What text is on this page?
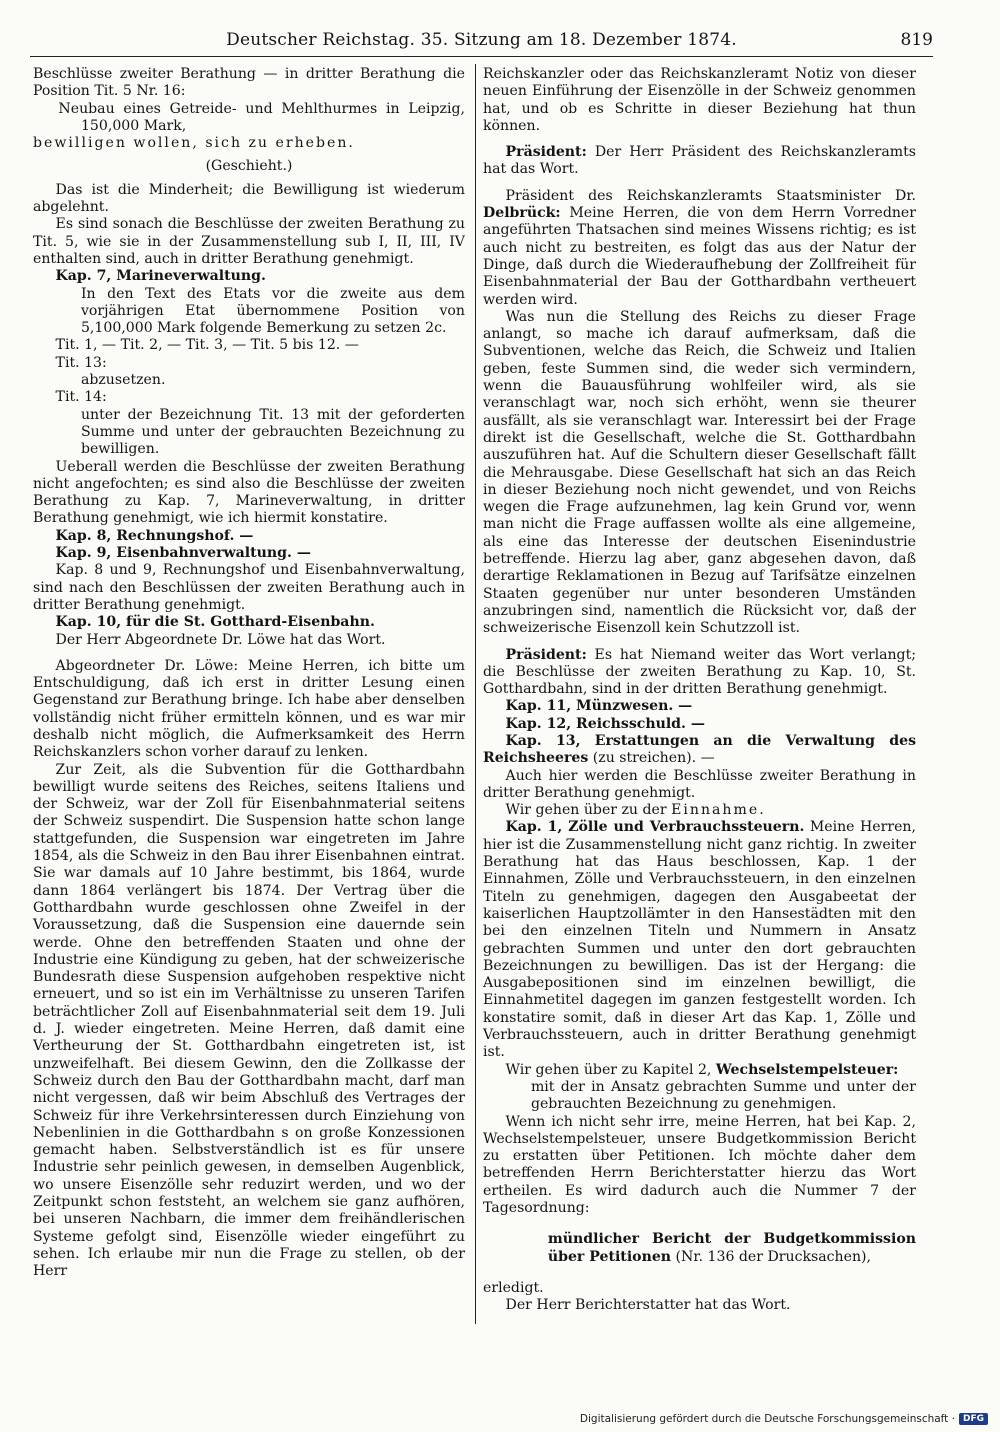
Deutscher Reichstag. 35. Sitzung am 18. Dezember 1874.	819

Beschlüsse zweiter Berathung — in dritter Berathung die Position Tit. 5 Nr. 16:

Neubau eines Getreide- und Mehlthurmes in Leipzig, 150,000 Mark,

bewilligen wollen, sich zu erheben.

(Geschieht.)

Das ist die Minderheit; die Bewilligung ist wiederum abgelehnt.

Es sind sonach die Beschlüsse der zweiten Berathung zu Tit. 5, wie sie in der Zusammenstellung sub I, II, III, IV enthalten sind, auch in dritter Berathung genehmigt.

Kap. 7, Marineverwaltung.

In den Text des Etats vor die zweite aus dem vorjährigen Etat übernommene Position von 5,100,000 Mark folgende Bemerkung zu setzen 2c.

Tit. 1, — Tit. 2, — Tit. 3, — Tit. 5 bis 12. —

Tit. 13:

abzusetzen.

Tit. 14:

unter der Bezeichnung Tit. 13 mit der geforderten Summe und unter der gebrauchten Bezeichnung zu bewilligen.

Ueberall werden die Beschlüsse der zweiten Berathung nicht angefochten; es sind also die Beschlüsse der zweiten Berathung zu Kap. 7, Marineverwaltung, in dritter Berathung genehmigt, wie ich hiermit konstatire.

Kap. 8, Rechnungshof. —

Kap. 9, Eisenbahnverwaltung. —

Kap. 8 und 9, Rechnungshof und Eisenbahnverwaltung, sind nach den Beschlüssen der zweiten Berathung auch in dritter Berathung genehmigt.

Kap. 10, für die St. Gotthard-Eisenbahn.

Der Herr Abgeordnete Dr. Löwe hat das Wort.

Abgeordneter Dr. Löwe: Meine Herren, ich bitte um Entschuldigung, daß ich erst in dritter Lesung einen Gegenstand zur Berathung bringe. Ich habe aber denselben vollständig nicht früher ermitteln können, und es war mir deshalb nicht möglich, die Aufmerksamkeit des Herrn Reichskanzlers schon vorher darauf zu lenken.

Zur Zeit, als die Subvention für die Gotthardbahn bewilligt wurde seitens des Reiches, seitens Italiens und der Schweiz, war der Zoll für Eisenbahnmaterial seitens der Schweiz suspendirt. Die Suspension hatte schon lange stattgefunden, die Suspension war eingetreten im Jahre 1854, als die Schweiz in den Bau ihrer Eisenbahnen eintrat. Sie war damals auf 10 Jahre bestimmt, bis 1864, wurde dann 1864 verlängert bis 1874. Der Vertrag über die Gotthardbahn wurde geschlossen ohne Zweifel in der Voraussetzung, daß die Suspension eine dauernde sein werde. Ohne den betreffenden Staaten und ohne der Industrie eine Kündigung zu geben, hat der schweizerische Bundesrath diese Suspension aufgehoben respektive nicht erneuert, und so ist ein im Verhältnisse zu unseren Tarifen beträchtlicher Zoll auf Eisenbahnmaterial seit dem 19. Juli d. J. wieder eingetreten. Meine Herren, daß damit eine Vertheurung der St. Gotthardbahn eingetreten ist, ist unzweifelhaft. Bei diesem Gewinn, den die Zollkasse der Schweiz durch den Bau der Gotthardbahn macht, darf man nicht vergessen, daß wir beim Abschluß des Vertrages der Schweiz für ihre Verkehrsinteressen durch Einziehung von Nebenlinien in die Gotthardbahn s on große Konzessionen gemacht haben. Selbstverständlich ist es für unsere Industrie sehr peinlich gewesen, in demselben Augenblick, wo unsere Eisenzölle sehr reduzirt werden, und wo der Zeitpunkt schon feststeht, an welchem sie ganz aufhören, bei unseren Nachbarn, die immer dem freihändlerischen Systeme gefolgt sind, Eisenzölle wieder eingeführt zu sehen. Ich erlaube mir nun die Frage zu stellen, ob der Herr

Reichskanzler oder das Reichskanzleramt Notiz von dieser neuen Einführung der Eisenzölle in der Schweiz genommen hat, und ob es Schritte in dieser Beziehung hat thun können.

Präsident: Der Herr Präsident des Reichskanzleramts hat das Wort.

Präsident des Reichskanzleramts Staatsminister Dr. Delbrück: Meine Herren, die von dem Herrn Vorredner angeführten Thatsachen sind meines Wissens richtig; es ist auch nicht zu bestreiten, es folgt das aus der Natur der Dinge, daß durch die Wiederaufhebung der Zollfreiheit für Eisenbahnmaterial der Bau der Gotthardbahn vertheuert werden wird.

Was nun die Stellung des Reichs zu dieser Frage anlangt, so mache ich darauf aufmerksam, daß die Subventionen, welche das Reich, die Schweiz und Italien geben, feste Summen sind, die weder sich vermindern, wenn die Bauausführung wohlfeiler wird, als sie veranschlagt war, noch sich erhöht, wenn sie theurer ausfällt, als sie veranschlagt war. Interessirt bei der Frage direkt ist die Gesellschaft, welche die St. Gotthardbahn auszuführen hat. Auf die Schultern dieser Gesellschaft fällt die Mehrausgabe. Diese Gesellschaft hat sich an das Reich in dieser Beziehung noch nicht gewendet, und von Reichs wegen die Frage aufzunehmen, lag kein Grund vor, wenn man nicht die Frage auffassen wollte als eine allgemeine, als eine das Interesse der deutschen Eisenindustrie betreffende. Hierzu lag aber, ganz abgesehen davon, daß derartige Reklamationen in Bezug auf Tarifsätze einzelnen Staaten gegenüber nur unter besonderen Umständen anzubringen sind, namentlich die Rücksicht vor, daß der schweizerische Eisenzoll kein Schutzzoll ist.

Präsident: Es hat Niemand weiter das Wort verlangt; die Beschlüsse der zweiten Berathung zu Kap. 10, St. Gotthardbahn, sind in der dritten Berathung genehmigt.

Kap. 11, Münzwesen. —

Kap. 12, Reichsschuld. —

Kap. 13, Erstattungen an die Verwaltung des Reichsheeres (zu streichen). —

Auch hier werden die Beschlüsse zweiter Berathung in dritter Berathung genehmigt.

Wir gehen über zu der Einnahme.

Kap. 1, Zölle und Verbrauchssteuern. Meine Herren, hier ist die Zusammenstellung nicht ganz richtig. In zweiter Berathung hat das Haus beschlossen, Kap. 1 der Einnahmen, Zölle und Verbrauchssteuern, in den einzelnen Titeln zu genehmigen, dagegen den Ausgabeetat der kaiserlichen Hauptzollämter in den Hansestädten mit den bei den einzelnen Titeln und Nummern in Ansatz gebrachten Summen und unter den dort gebrauchten Bezeichnungen zu bewilligen. Das ist der Hergang: die Ausgabepositionen sind im einzelnen bewilligt, die Einnahmetitel dagegen im ganzen festgestellt worden. Ich konstatire somit, daß in dieser Art das Kap. 1, Zölle und Verbrauchssteuern, auch in dritter Berathung genehmigt ist.

Wir gehen über zu Kapitel 2, Wechselstempelsteuer:

mit der in Ansatz gebrachten Summe und unter der gebrauchten Bezeichnung zu genehmigen.

Wenn ich nicht sehr irre, meine Herren, hat bei Kap. 2, Wechselstempelsteuer, unsere Budgetkommission Bericht zu erstatten über Petitionen. Ich möchte daher dem betreffenden Herrn Berichterstatter hierzu das Wort ertheilen. Es wird dadurch auch die Nummer 7 der Tagesordnung:

mündlicher Bericht der Budgetkommission über Petitionen (Nr. 136 der Drucksachen),

erledigt.

Der Herr Berichterstatter hat das Wort.

Digitalisierung gefördert durch die Deutsche Forschungsgemeinschaft · DFG
